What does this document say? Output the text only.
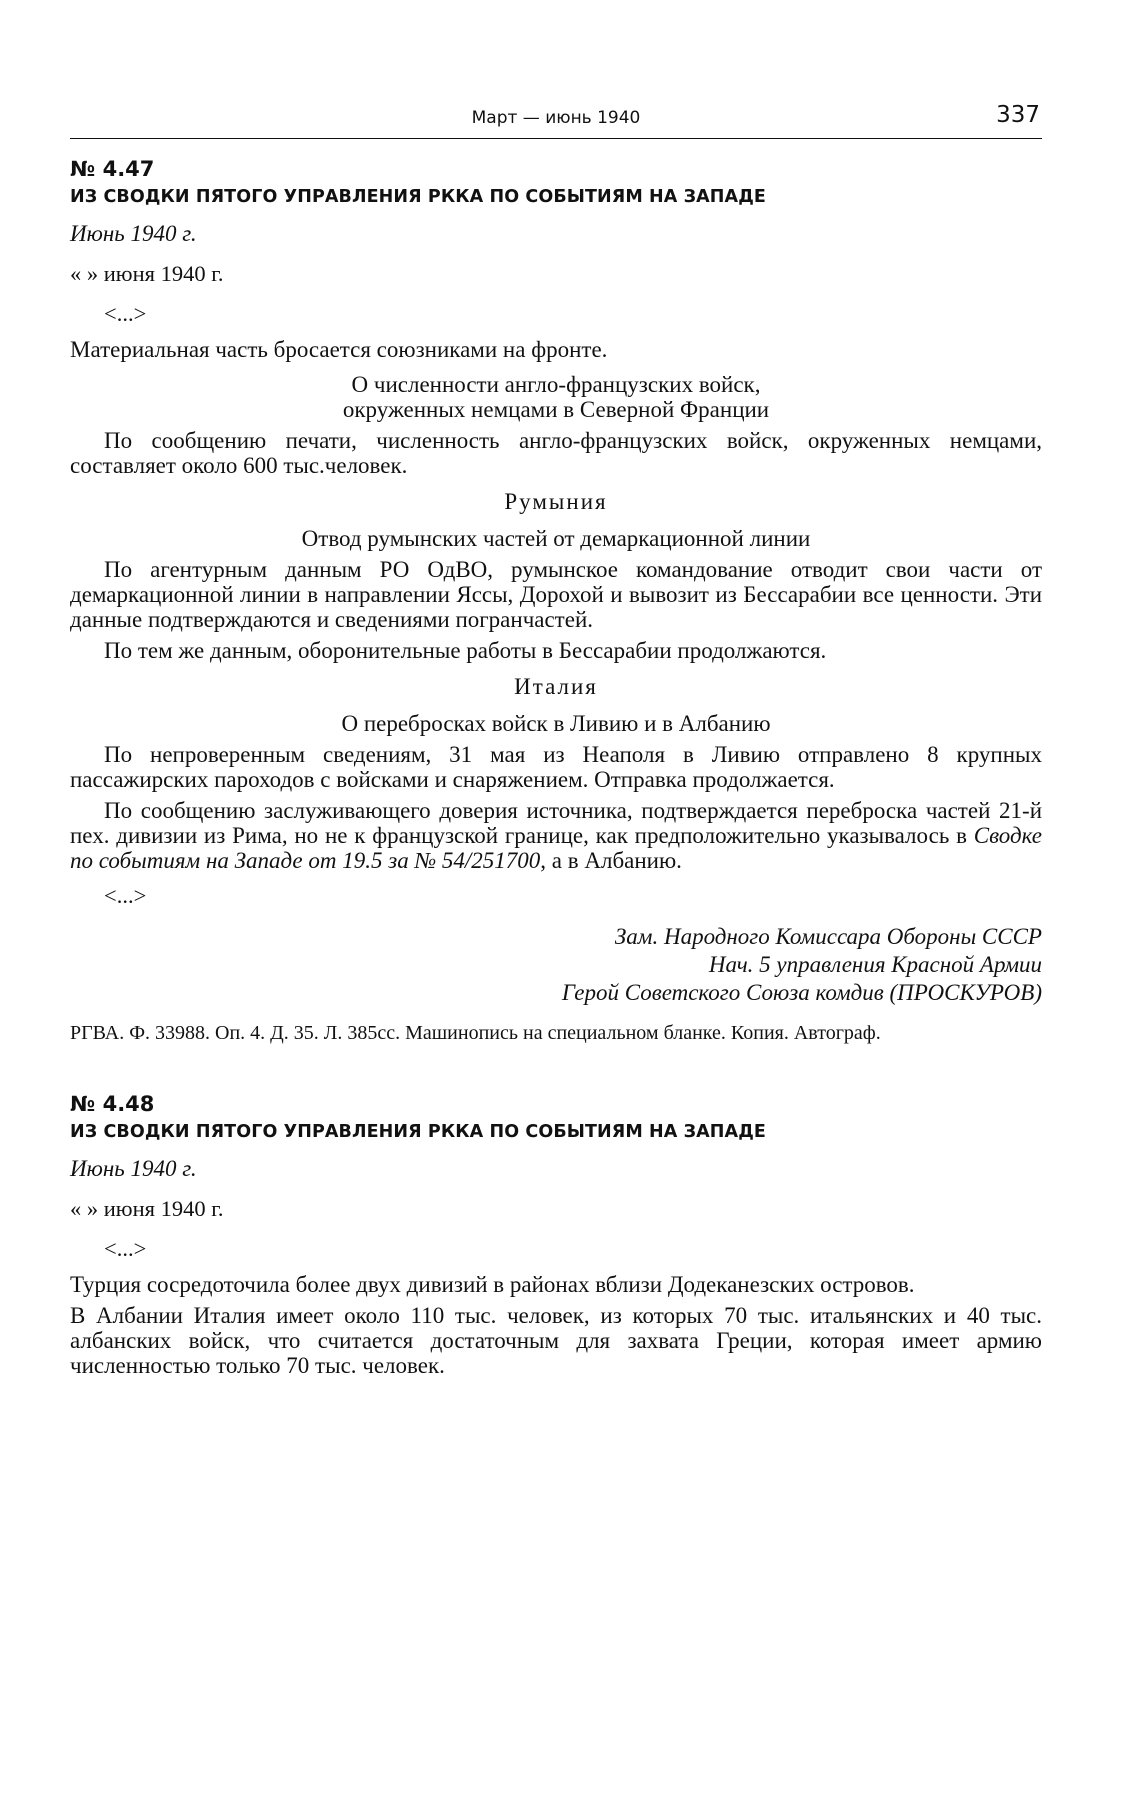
Март — июнь 1940	337
№ 4.47
ИЗ СВОДКИ ПЯТОГО УПРАВЛЕНИЯ РККА ПО СОБЫТИЯМ НА ЗАПАДЕ
Июнь 1940 г.
« » июня 1940 г.
<...>

Материальная часть бросается союзниками на фронте.

О численности англо-французских войск,
окруженных немцами в Северной Франции

По сообщению печати, численность англо-французских войск, окруженных немцами, составляет около 600 тыс.человек.

Румыния
Отвод румынских частей от демаркационной линии

По агентурным данным РО ОдВО, румынское командование отводит свои части от демаркационной линии в направлении Яссы, Дорохой и вывозит из Бессарабии все ценности. Эти данные подтверждаются и сведениями погранчастей.

По тем же данным, оборонительные работы в Бессарабии продолжаются.

Италия
О перебросках войск в Ливию и в Албанию

По непроверенным сведениям, 31 мая из Неаполя в Ливию отправлено 8 крупных пассажирских пароходов с войсками и снаряжением. Отправка продолжается.

По сообщению заслуживающего доверия источника, подтверждается переброска частей 21-й пех. дивизии из Рима, но не к французской границе, как предположительно указывалось в Сводке по событиям на Западе от 19.5 за № 54/251700, а в Албанию.

<...>
Зам. Народного Комиссара Обороны СССР
Нач. 5 управления Красной Армии
Герой Советского Союза комдив (ПРОСКУРОВ)

РГВА. Ф. 33988. Оп. 4. Д. 35. Л. 385сс. Машинопись на специальном бланке. Копия. Автограф.

№ 4.48
ИЗ СВОДКИ ПЯТОГО УПРАВЛЕНИЯ РККА ПО СОБЫТИЯМ НА ЗАПАДЕ
Июнь 1940 г.
« » июня 1940 г.
<...>

Турция сосредоточила более двух дивизий в районах вблизи Додеканезских островов.

В Албании Италия имеет около 110 тыс. человек, из которых 70 тыс. итальянских и 40 тыс. албанских войск, что считается достаточным для захвата Греции, которая имеет армию численностью только 70 тыс. человек.
